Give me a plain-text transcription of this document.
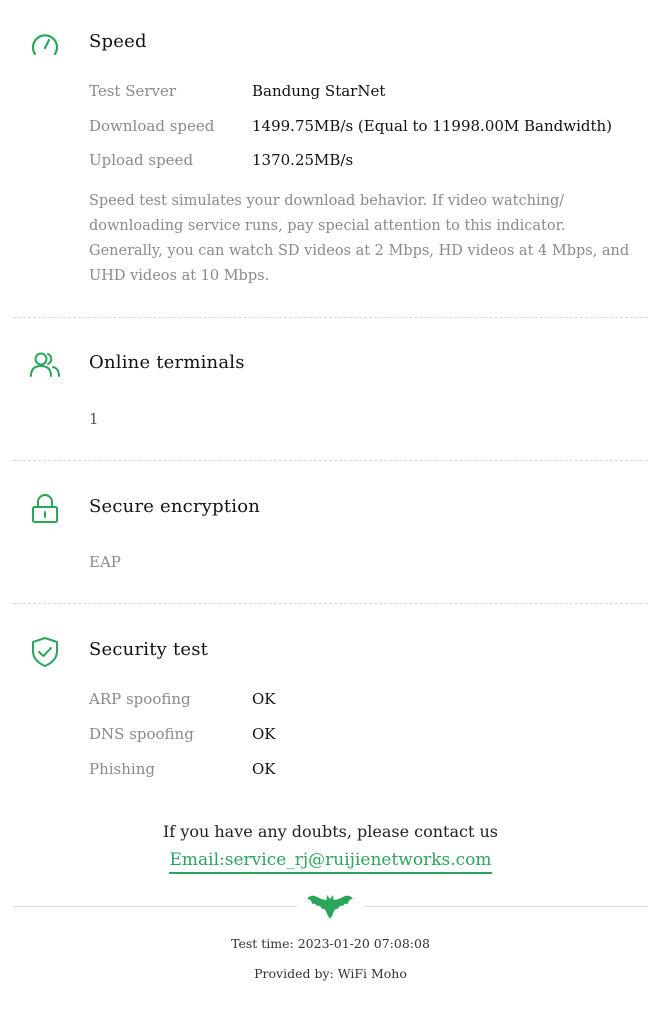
Speed
Test Server	Bandung StarNet
Download speed	1499.75MB/s (Equal to 11998.00M Bandwidth)
Upload speed	1370.25MB/s
Speed test simulates your download behavior. If video watching/ downloading service runs, pay special attention to this indicator. Generally, you can watch SD videos at 2 Mbps, HD videos at 4 Mbps, and UHD videos at 10 Mbps.
Online terminals
1
Secure encryption
EAP
Security test
ARP spoofing	OK
DNS spoofing	OK
Phishing	OK
If you have any doubts, please contact us
Email:service_rj@ruijienetworks.com
Test time: 2023-01-20 07:08:08
Provided by: WiFi Moho
